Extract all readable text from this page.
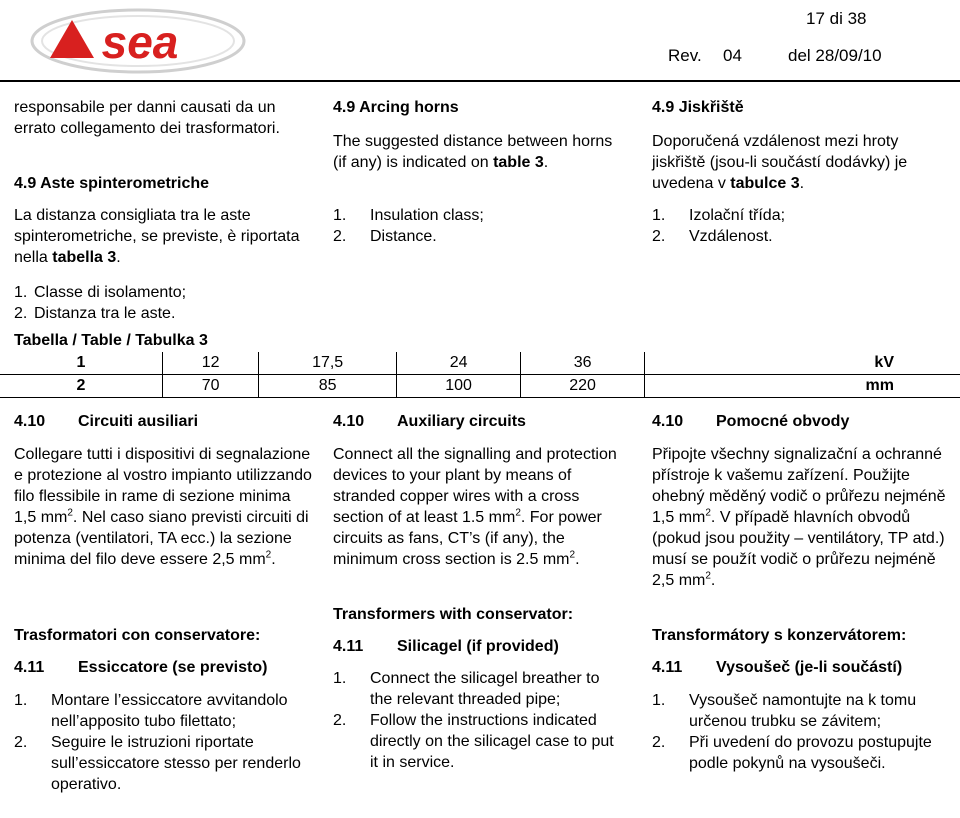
sea	17 di 38
Rev. 04	del 28/09/10

responsabile per danni causati da un errato collegamento dei trasformatori.

4.9 Aste spinterometriche

La distanza consigliata tra le aste spinterometriche, se previste, è riportata nella tabella 3.

1. Classe di isolamento;
2. Distanza tra le aste.
Tabella / Table / Tabulka 3
4.9 Arcing horns

The suggested distance between horns (if any) is indicated on table 3.

1. Insulation class;
2. Distance.
4.9 Jiskřiště

Doporučená vzdálenost mezi hroty jiskřiště (jsou-li součástí dodávky) je uvedena v tabulce 3.

1. Izolační třída;
2. Vzdálenost.
1	12	17,5	24	36	kV
2	70	85	100	220	mm
4.10 Circuiti ausiliari

Collegare tutti i dispositivi di segnalazione e protezione al vostro impianto utilizzando filo flessibile in rame di sezione minima 1,5 $mm^2$. Nel caso siano previsti circuiti di potenza (ventilatori, TA ecc.) la sezione minima del filo deve essere 2,5 $mm^2$.

Trasformatori con conservatore:
4.11 Essiccatore (se previsto)
1. Montare l’essiccatore avvitandolo nell’apposito tubo filettato;
2. Seguire le istruzioni riportate sull’essiccatore stesso per renderlo operativo.
4.10 Auxiliary circuits

Connect all the signalling and protection devices to your plant by means of stranded copper wires with a cross section of at least 1.5 $mm^2$. For power circuits as fans, CT’s (if any), the minimum cross section is 2.5 $mm^2$.

Transformers with conservator:
4.11 Silicagel (if provided)
1. Connect the silicagel breather to the relevant threaded pipe;
2. Follow the instructions indicated directly on the silicagel case to put it in service.
4.10 Pomocné obvody

Připojte všechny signalizační a ochranné přístroje k vašemu zařízení. Použijte ohebný měděný vodič o průřezu nejméně 1,5 $mm^2$. V případě hlavních obvodů (pokud jsou použity – ventilátory, TP atd.) musí se použít vodič o průřezu nejméně 2,5 $mm^2$.

Transformátory s konzervátorem:
4.11 Vysoušeč (je-li součástí)
1. Vysoušeč namontujte na k tomu určenou trubku se závitem;
2. Při uvedení do provozu postupujte podle pokynů na vysoušeči.
